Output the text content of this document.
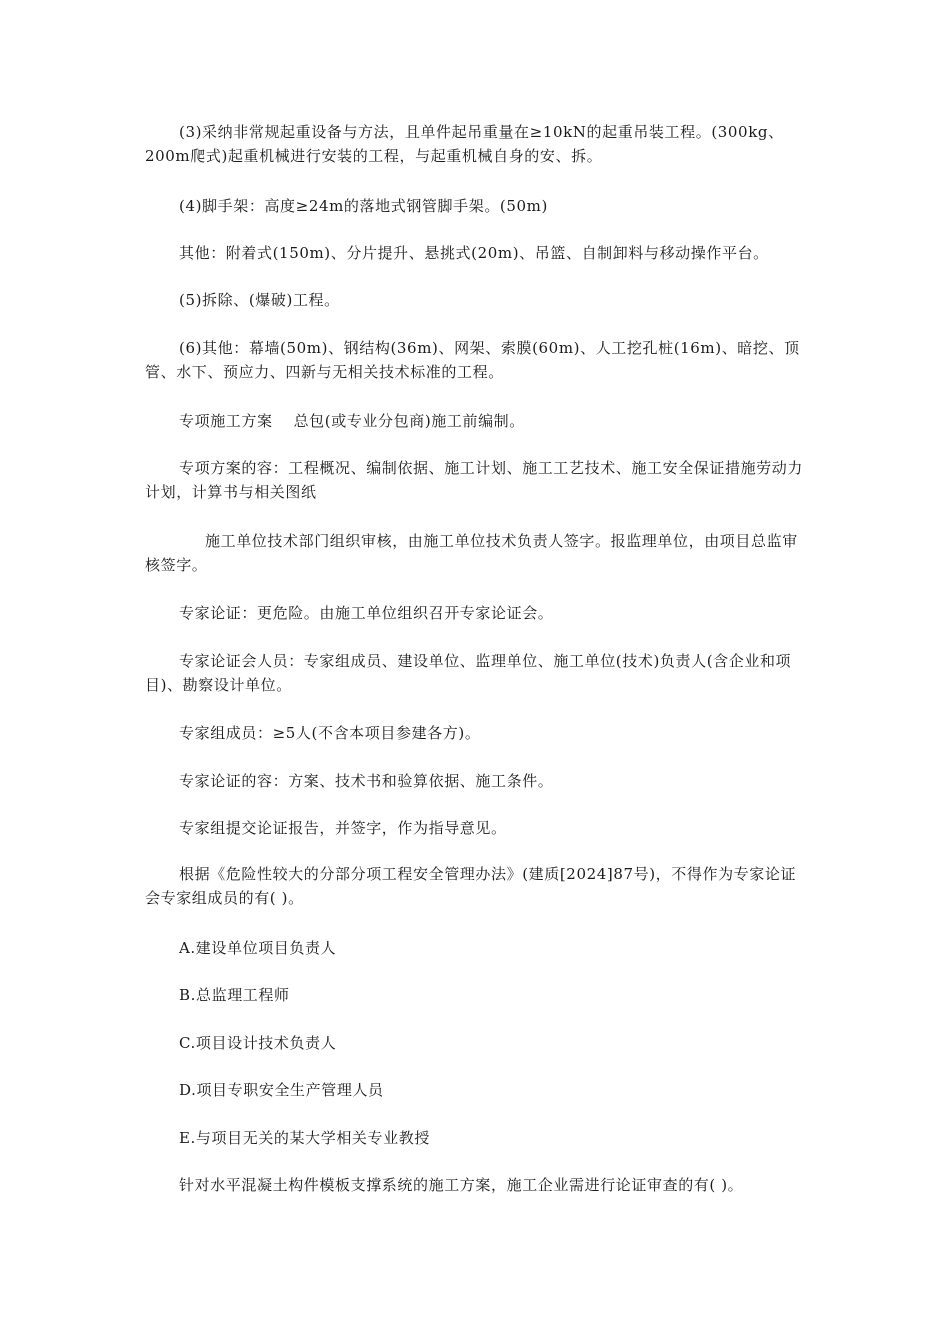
(3)采纳非常规起重设备与方法，且单件起吊重量在≥10kN的起重吊装工程。(300kg、200m爬式)起重机械进行安装的工程，与起重机械自身的安、拆。

(4)脚手架：高度≥24m的落地式钢管脚手架。(50m)

其他：附着式(150m)、分片提升、悬挑式(20m)、吊篮、自制卸料与移动操作平台。

(5)拆除、(爆破)工程。

(6)其他：幕墙(50m)、钢结构(36m)、网架、索膜(60m)、人工挖孔桩(16m)、暗挖、顶管、水下、预应力、四新与无相关技术标准的工程。

专项施工方案　 总包(或专业分包商)施工前编制。

专项方案的容：工程概况、编制依据、施工计划、施工工艺技术、施工安全保证措施劳动力计划，计算书与相关图纸

施工单位技术部门组织审核，由施工单位技术负责人签字。报监理单位，由项目总监审核签字。

专家论证：更危险。由施工单位组织召开专家论证会。

专家论证会人员：专家组成员、建设单位、监理单位、施工单位(技术)负责人(含企业和项目)、勘察设计单位。

专家组成员：≥5人(不含本项目参建各方)。

专家论证的容：方案、技术书和验算依据、施工条件。

专家组提交论证报告，并签字，作为指导意见。

根据《危险性较大的分部分项工程安全管理办法》(建质[2024]87号)，不得作为专家论证会专家组成员的有( )。

A.建设单位项目负责人

B.总监理工程师

C.项目设计技术负责人

D.项目专职安全生产管理人员

E.与项目无关的某大学相关专业教授

针对水平混凝土构件模板支撑系统的施工方案，施工企业需进行论证审查的有( )。
